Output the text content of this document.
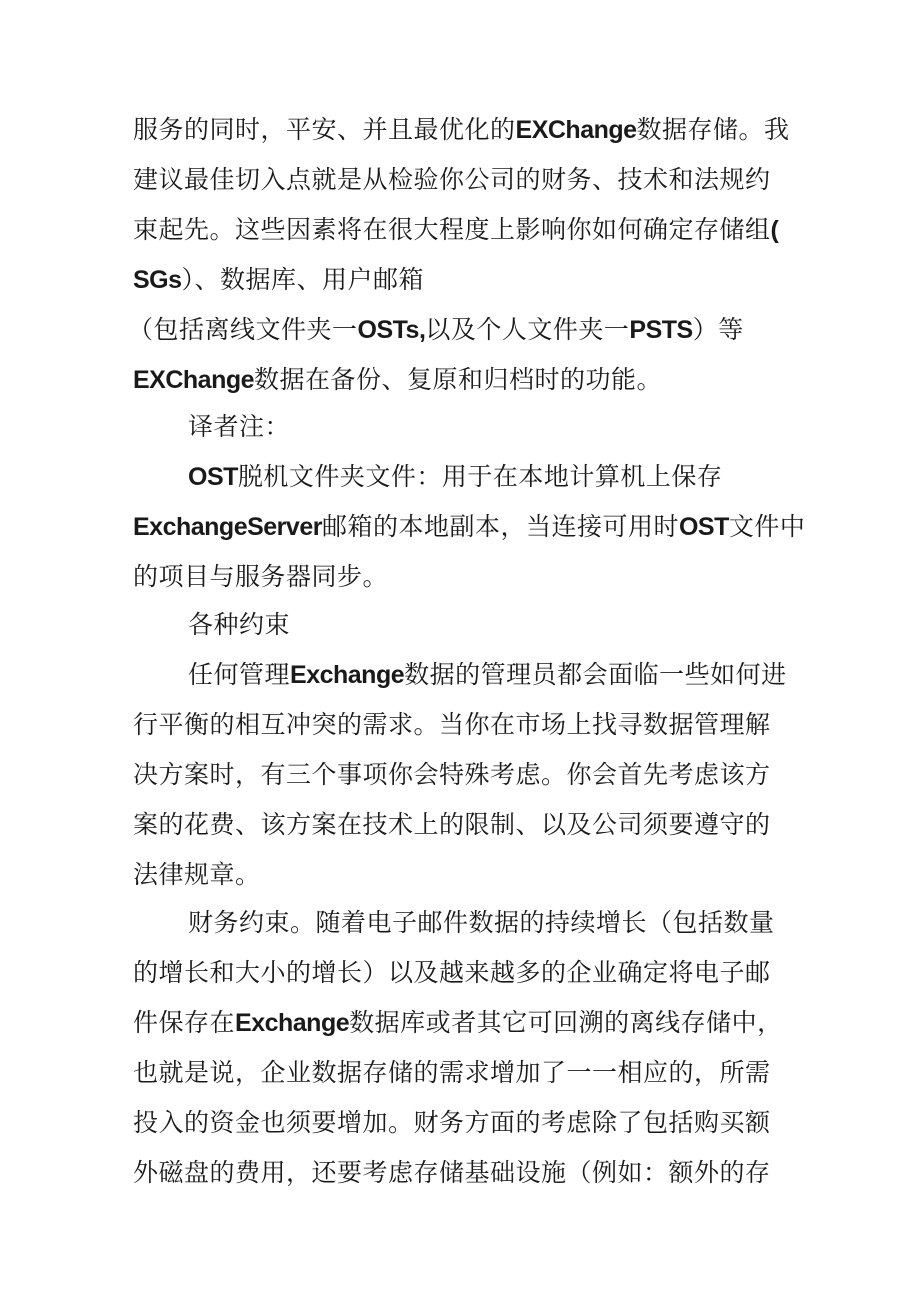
服务的同时，平安、并且最优化的EXChange数据存储。我
建议最佳切入点就是从检验你公司的财务、技术和法规约
束起先。这些因素将在很大程度上影响你如何确定存储组(
SGs）、数据库、用户邮箱
（包括离线文件夹一OSTs,以及个人文件夹一PSTS）等
EXChange数据在备份、复原和归档时的功能。
译者注：
OST脱机文件夹文件：用于在本地计算机上保存
ExchangeServer邮箱的本地副本，当连接可用时OST文件中
的项目与服务器同步。
各种约束
任何管理Exchange数据的管理员都会面临一些如何进
行平衡的相互冲突的需求。当你在市场上找寻数据管理解
决方案时，有三个事项你会特殊考虑。你会首先考虑该方
案的花费、该方案在技术上的限制、以及公司须要遵守的
法律规章。
财务约束。随着电子邮件数据的持续增长（包括数量
的增长和大小的增长）以及越来越多的企业确定将电子邮
件保存在Exchange数据库或者其它可回溯的离线存储中，
也就是说，企业数据存储的需求增加了一一相应的，所需
投入的资金也须要增加。财务方面的考虑除了包括购买额
外磁盘的费用，还要考虑存储基础设施（例如：额外的存
